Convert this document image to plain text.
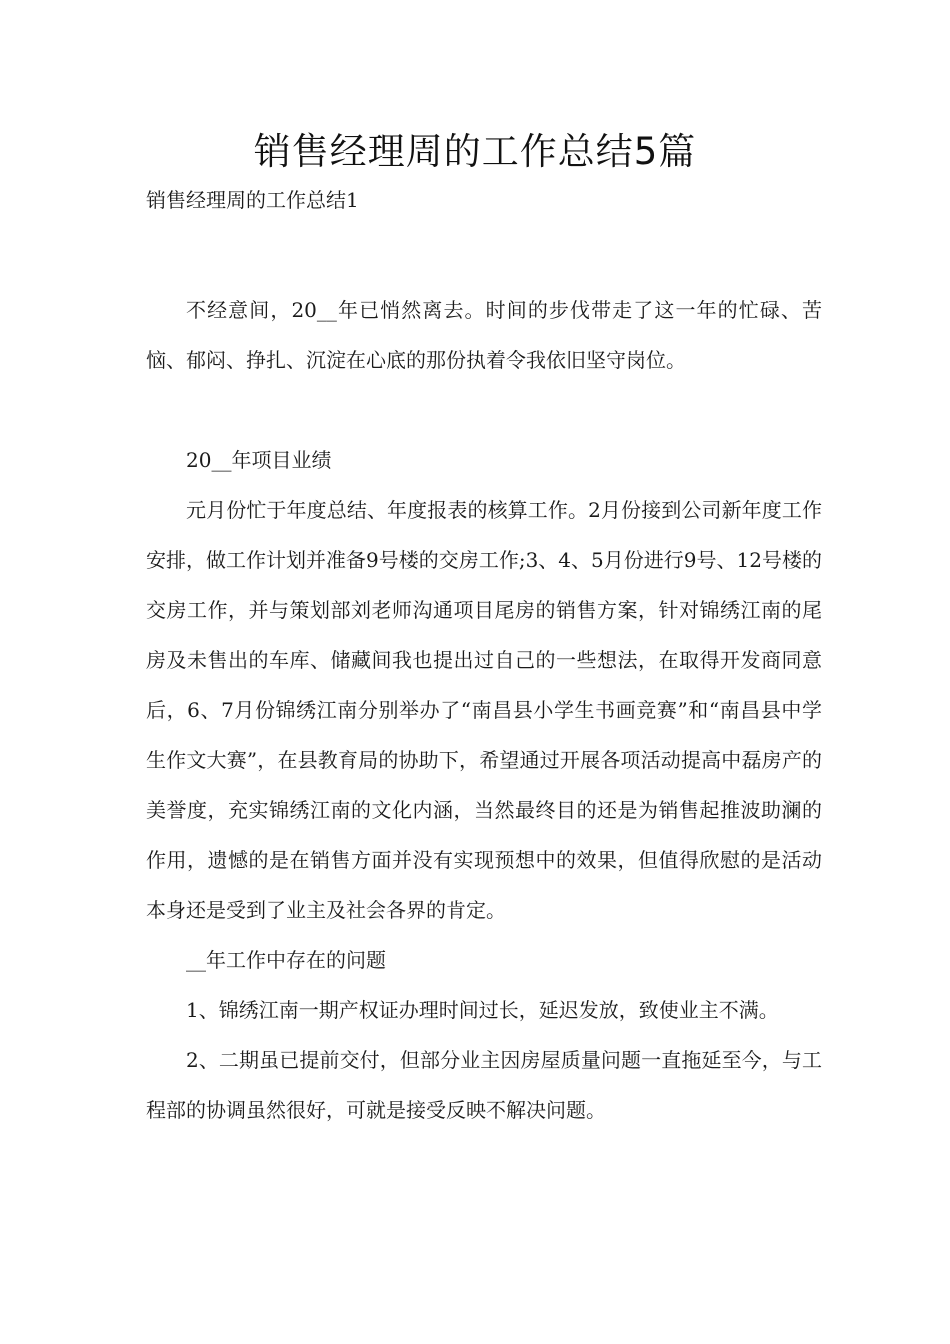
销售经理周的工作总结5篇
销售经理周的工作总结1

不经意间，20__年已悄然离去。时间的步伐带走了这一年的忙碌、苦恼、郁闷、挣扎、沉淀在心底的那份执着令我依旧坚守岗位。

20__年项目业绩

元月份忙于年度总结、年度报表的核算工作。2月份接到公司新年度工作安排，做工作计划并准备9号楼的交房工作;3、4、5月份进行9号、12号楼的交房工作，并与策划部刘老师沟通项目尾房的销售方案，针对锦绣江南的尾房及未售出的车库、储藏间我也提出过自己的一些想法，在取得开发商同意后，6、7月份锦绣江南分别举办了“南昌县小学生书画竞赛”和“南昌县中学生作文大赛”，在县教育局的协助下，希望通过开展各项活动提高中磊房产的美誉度，充实锦绣江南的文化内涵，当然最终目的还是为销售起推波助澜的作用，遗憾的是在销售方面并没有实现预想中的效果，但值得欣慰的是活动本身还是受到了业主及社会各界的肯定。

__年工作中存在的问题

1、锦绣江南一期产权证办理时间过长，延迟发放，致使业主不满。

2、二期虽已提前交付，但部分业主因房屋质量问题一直拖延至今，与工程部的协调虽然很好，可就是接受反映不解决问题。
